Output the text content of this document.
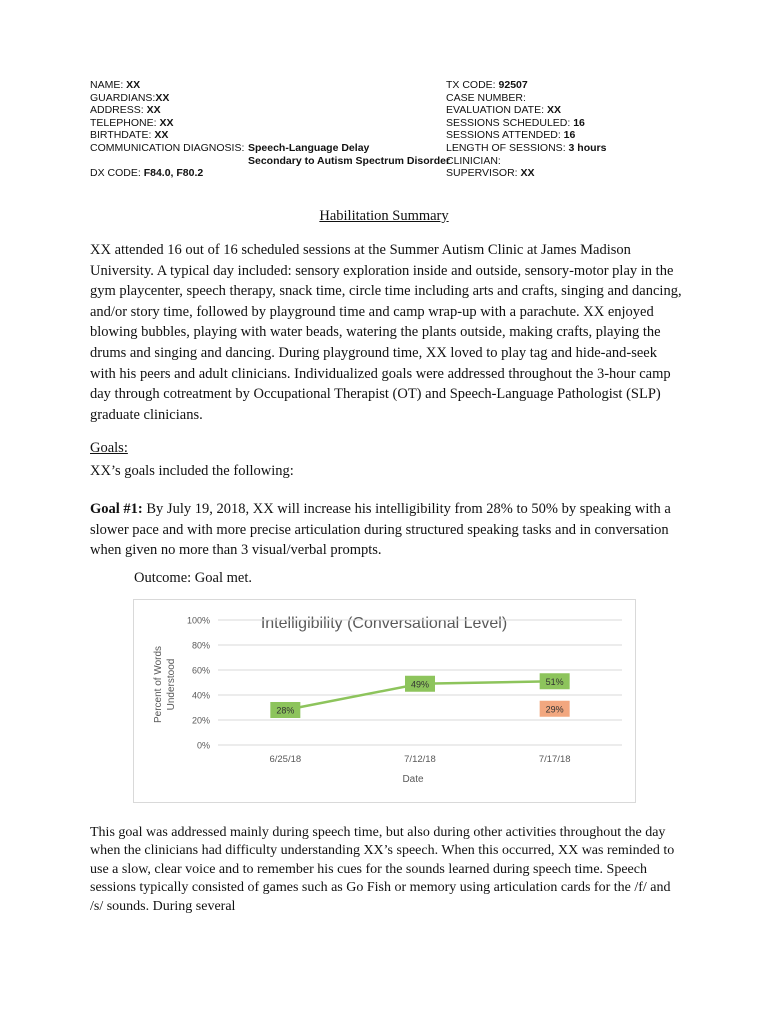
NAME: XX
GUARDIANS:XX
ADDRESS: XX
TELEPHONE: XX
BIRTHDATE: XX
COMMUNICATION DIAGNOSIS: Speech-Language Delay
Secondary to Autism Spectrum Disorder
DX CODE: F84.0, F80.2
TX CODE: 92507
CASE NUMBER:
EVALUATION DATE: XX
SESSIONS SCHEDULED: 16
SESSIONS ATTENDED: 16
LENGTH OF SESSIONS: 3 hours
CLINICIAN:
SUPERVISOR: XX
Habilitation Summary
XX attended 16 out of 16 scheduled sessions at the Summer Autism Clinic at James Madison University. A typical day included: sensory exploration inside and outside, sensory-motor play in the gym playcenter, speech therapy, snack time, circle time including arts and crafts, singing and dancing, and/or story time, followed by playground time and camp wrap-up with a parachute. XX enjoyed blowing bubbles, playing with water beads, watering the plants outside, making crafts, playing the drums and singing and dancing. During playground time, XX loved to play tag and hide-and-seek with his peers and adult clinicians. Individualized goals were addressed throughout the 3-hour camp day through cotreatment by Occupational Therapist (OT) and Speech-Language Pathologist (SLP) graduate clinicians.
Goals:
XX’s goals included the following:
Goal #1: By July 19, 2018, XX will increase his intelligibility from 28% to 50% by speaking with a slower pace and with more precise articulation during structured speaking tasks and in conversation when given no more than 3 visual/verbal prompts.
Outcome: Goal met.
Intelligibility (Conversational Level)
0%
20%
40%
60%
80%
100%
6/25/18	7/12/18	7/17/18
Date
Percent of Words Understood
28%
49%	51%
29%
This goal was addressed mainly during speech time, but also during other activities throughout the day when the clinicians had difficulty understanding XX’s speech. When this occurred, XX was reminded to use a slow, clear voice and to remember his cues for the sounds learned during speech time. Speech sessions typically consisted of games such as Go Fish or memory using articulation cards for the /f/ and /s/ sounds. During several
